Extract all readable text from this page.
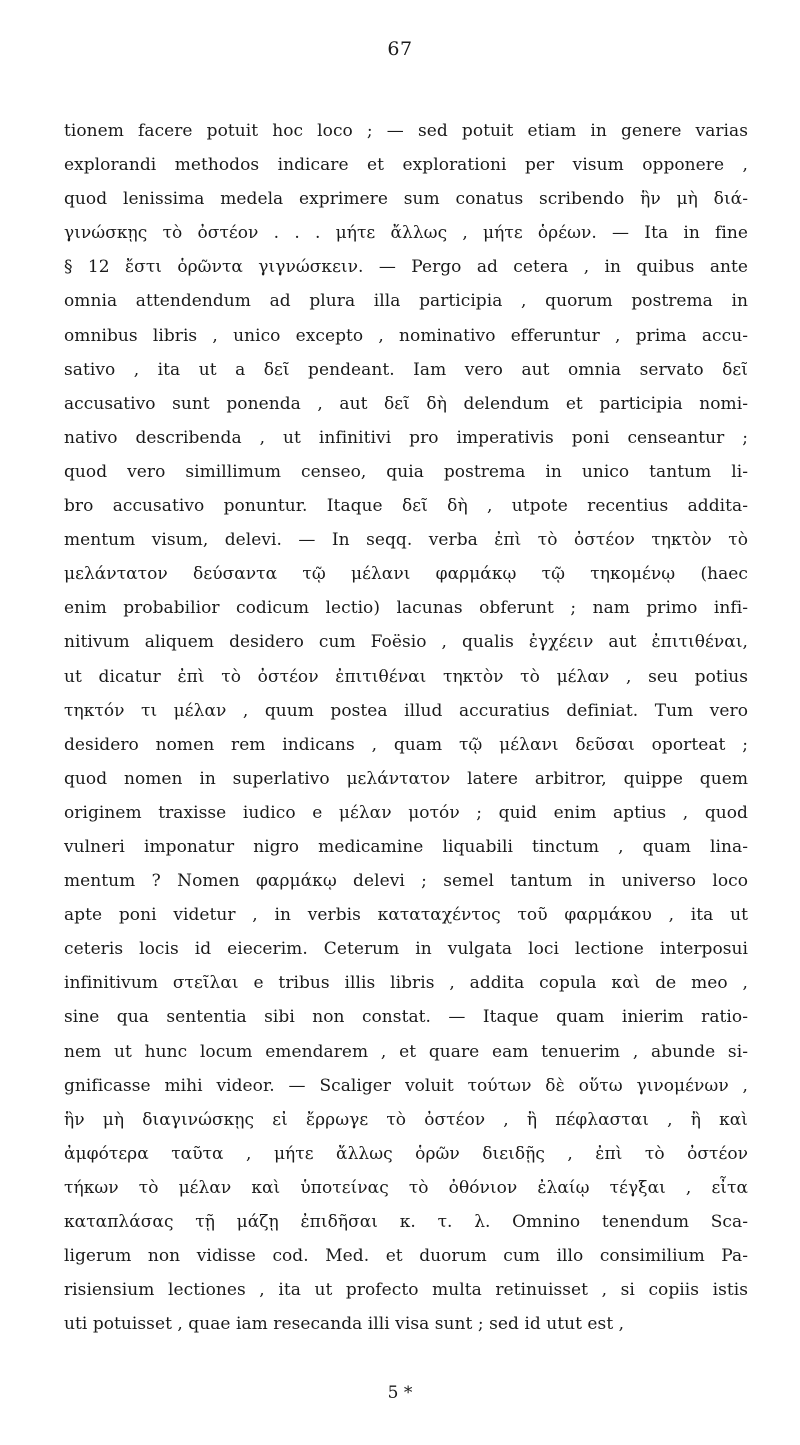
67
tionem facere potuit hoc loco ; — sed potuit etiam in genere varias
explorandi methodos indicare et explorationi per visum opponere ,
quod lenissima medela exprimere sum conatus scribendo ἣν μὴ διά-
γινώσκῃς τὸ ὀστέον . . . μήτε ἄλλως , μήτε ὁρέων. — Ita in fine
§ 12 ἔστι ὁρῶντα γιγνώσκειν. — Pergo ad cetera , in quibus ante
omnia attendendum ad plura illa participia , quorum postrema in
omnibus libris , unico excepto , nominativo efferuntur , prima accu-
sativo , ita ut a δεῖ pendeant. Iam vero aut omnia servato δεῖ
accusativo sunt ponenda , aut δεῖ δὴ delendum et participia nomi-
nativo describenda , ut infinitivi pro imperativis poni censeantur ;
quod vero simillimum censeo, quia postrema in unico tantum li-
bro accusativo ponuntur. Itaque δεῖ δὴ , utpote recentius addita-
mentum visum, delevi. — In seqq. verba ἐπὶ τὸ ὀστέον τηκτὸν τὸ
μελάντατον δεύσαντα τῷ μέλανι φαρμάκῳ τῷ τηκομένῳ (haec
enim probabilior codicum lectio) lacunas obferunt ; nam primo infi-
nitivum aliquem desidero cum Foësio , qualis ἐγχέειν aut ἐπιτιθέναι,
ut dicatur ἐπὶ τὸ ὀστέον ἐπιτιθέναι τηκτὸν τὸ μέλαν , seu potius
τηκτόν τι μέλαν , quum postea illud accuratius definiat. Tum vero
desidero nomen rem indicans , quam τῷ μέλανι δεῦσαι oporteat ;
quod nomen in superlativo μελάντατον latere arbitror, quippe quem
originem traxisse iudico e μέλαν μοτόν ; quid enim aptius , quod
vulneri imponatur nigro medicamine liquabili tinctum , quam lina-
mentum ? Nomen φαρμάκῳ delevi ; semel tantum in universo loco
apte poni videtur , in verbis καταταχέντος τοῦ φαρμάκου , ita ut
ceteris locis id eiecerim. Ceterum in vulgata loci lectione interposui
infinitivum στεῖλαι e tribus illis libris , addita copula καὶ de meo ,
sine qua sententia sibi non constat. — Itaque quam inierim ratio-
nem ut hunc locum emendarem , et quare eam tenuerim , abunde si-
gnificasse mihi videor. — Scaliger voluit τούτων δὲ οὕτω γινομένων ,
ἣν μὴ διαγινώσκῃς εἰ ἔρρωγε τὸ ὀστέον , ἢ πέφλασται , ἢ καὶ
ἀμφότερα ταῦτα , μήτε ἄλλως ὁρῶν διειδῇς , ἐπὶ τὸ ὀστέον
τήκων τὸ μέλαν καὶ ὑποτείνας τὸ ὀθόνιον ἐλαίῳ τέγξαι , εἶτα
καταπλάσας τῇ μάζῃ ἐπιδῆσαι κ. τ. λ. Omnino tenendum Sca-
ligerum non vidisse cod. Med. et duorum cum illo consimilium Pa-
risiensium lectiones , ita ut profecto multa retinuisset , si copiis istis
uti potuisset , quae iam resecanda illi visa sunt ; sed id utut est ,
5 *
